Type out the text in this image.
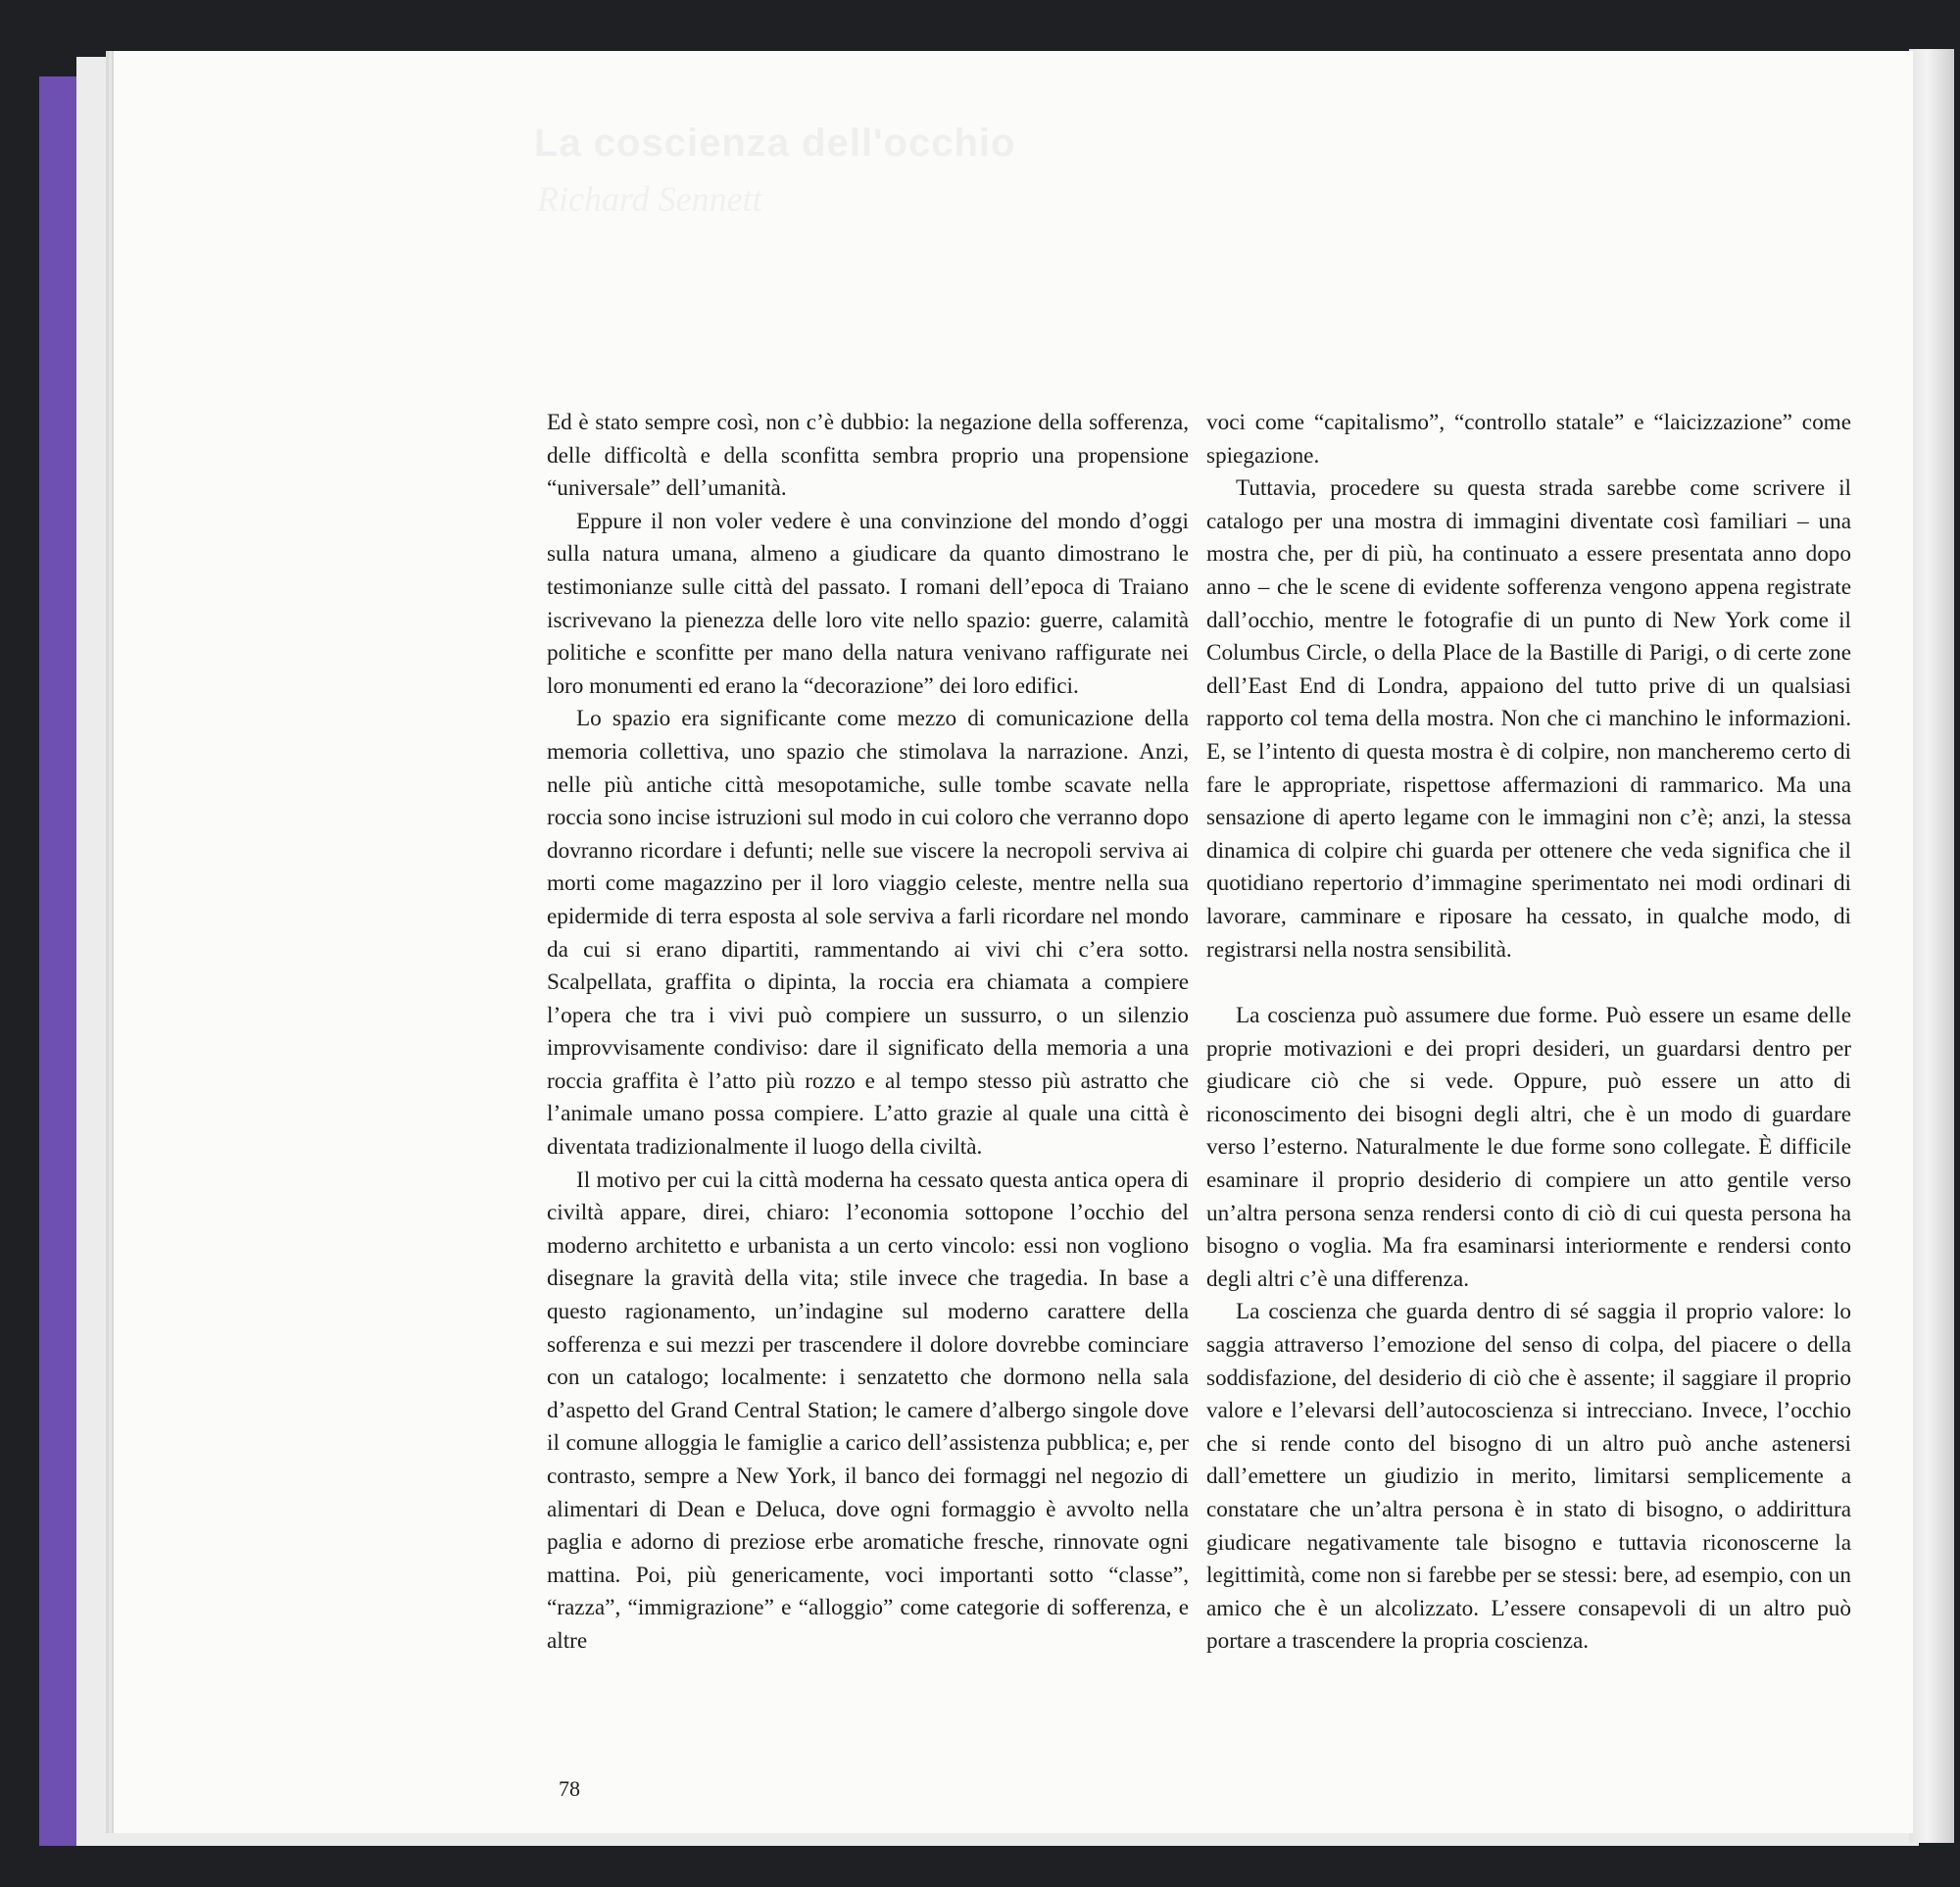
La coscienza dell'occhio
Richard Sennett

Ed è stato sempre così, non c’è dubbio: la negazione della sofferenza, delle difficoltà e della sconfitta sembra proprio una propensione “universale” dell’umanità.

Eppure il non voler vedere è una convinzione del mondo d’oggi sulla natura umana, almeno a giudicare da quanto dimostrano le testimonianze sulle città del passato. I romani dell’epoca di Traiano iscrivevano la pienezza delle loro vite nello spazio: guerre, calamità politiche e sconfitte per mano della natura venivano raffigurate nei loro monumenti ed erano la “decorazione” dei loro edifici.

Lo spazio era significante come mezzo di comunicazione della memoria collettiva, uno spazio che stimolava la narrazione. Anzi, nelle più antiche città mesopotamiche, sulle tombe scavate nella roccia sono incise istruzioni sul modo in cui coloro che verranno dopo dovranno ricordare i defunti; nelle sue viscere la necropoli serviva ai morti come magazzino per il loro viaggio celeste, mentre nella sua epidermide di terra esposta al sole serviva a farli ricordare nel mondo da cui si erano dipartiti, rammentando ai vivi chi c’era sotto. Scalpellata, graffita o dipinta, la roccia era chiamata a compiere l’opera che tra i vivi può compiere un sussurro, o un silenzio improvvisamente condiviso: dare il significato della memoria a una roccia graffita è l’atto più rozzo e al tempo stesso più astratto che l’animale umano possa compiere. L’atto grazie al quale una città è diventata tradizionalmente il luogo della civiltà.

Il motivo per cui la città moderna ha cessato questa antica opera di civiltà appare, direi, chiaro: l’economia sottopone l’occhio del moderno architetto e urbanista a un certo vincolo: essi non vogliono disegnare la gravità della vita; stile invece che tragedia. In base a questo ragionamento, un’indagine sul moderno carattere della sofferenza e sui mezzi per trascendere il dolore dovrebbe cominciare con un catalogo; localmente: i senzatetto che dormono nella sala d’aspetto del Grand Central Station; le camere d’albergo singole dove il comune alloggia le famiglie a carico dell’assistenza pubblica; e, per contrasto, sempre a New York, il banco dei formaggi nel negozio di alimentari di Dean e Deluca, dove ogni formaggio è avvolto nella paglia e adorno di preziose erbe aromatiche fresche, rinnovate ogni mattina. Poi, più genericamente, voci importanti sotto “classe”, “razza”, “immigrazione” e “alloggio” come categorie di sofferenza, e altre

voci come “capitalismo”, “controllo statale” e “laicizzazione” come spiegazione.

Tuttavia, procedere su questa strada sarebbe come scrivere il catalogo per una mostra di immagini diventate così familiari – una mostra che, per di più, ha continuato a essere presentata anno dopo anno – che le scene di evidente sofferenza vengono appena registrate dall’occhio, mentre le fotografie di un punto di New York come il Columbus Circle, o della Place de la Bastille di Parigi, o di certe zone dell’East End di Londra, appaiono del tutto prive di un qualsiasi rapporto col tema della mostra. Non che ci manchino le informazioni. E, se l’intento di questa mostra è di colpire, non mancheremo certo di fare le appropriate, rispettose affermazioni di rammarico. Ma una sensazione di aperto legame con le immagini non c’è; anzi, la stessa dinamica di colpire chi guarda per ottenere che veda significa che il quotidiano repertorio d’immagine sperimentato nei modi ordinari di lavorare, camminare e riposare ha cessato, in qualche modo, di registrarsi nella nostra sensibilità.

La coscienza può assumere due forme. Può essere un esame delle proprie motivazioni e dei propri desideri, un guardarsi dentro per giudicare ciò che si vede. Oppure, può essere un atto di riconoscimento dei bisogni degli altri, che è un modo di guardare verso l’esterno. Naturalmente le due forme sono collegate. È difficile esaminare il proprio desiderio di compiere un atto gentile verso un’altra persona senza rendersi conto di ciò di cui questa persona ha bisogno o voglia. Ma fra esaminarsi interiormente e rendersi conto degli altri c’è una differenza.

La coscienza che guarda dentro di sé saggia il proprio valore: lo saggia attraverso l’emozione del senso di colpa, del piacere o della soddisfazione, del desiderio di ciò che è assente; il saggiare il proprio valore e l’elevarsi dell’autocoscienza si intrecciano. Invece, l’occhio che si rende conto del bisogno di un altro può anche astenersi dall’emettere un giudizio in merito, limitarsi semplicemente a constatare che un’altra persona è in stato di bisogno, o addirittura giudicare negativamente tale bisogno e tuttavia riconoscerne la legittimità, come non si farebbe per se stessi: bere, ad esempio, con un amico che è un alcolizzato. L’essere consapevoli di un altro può portare a trascendere la propria coscienza.

78
